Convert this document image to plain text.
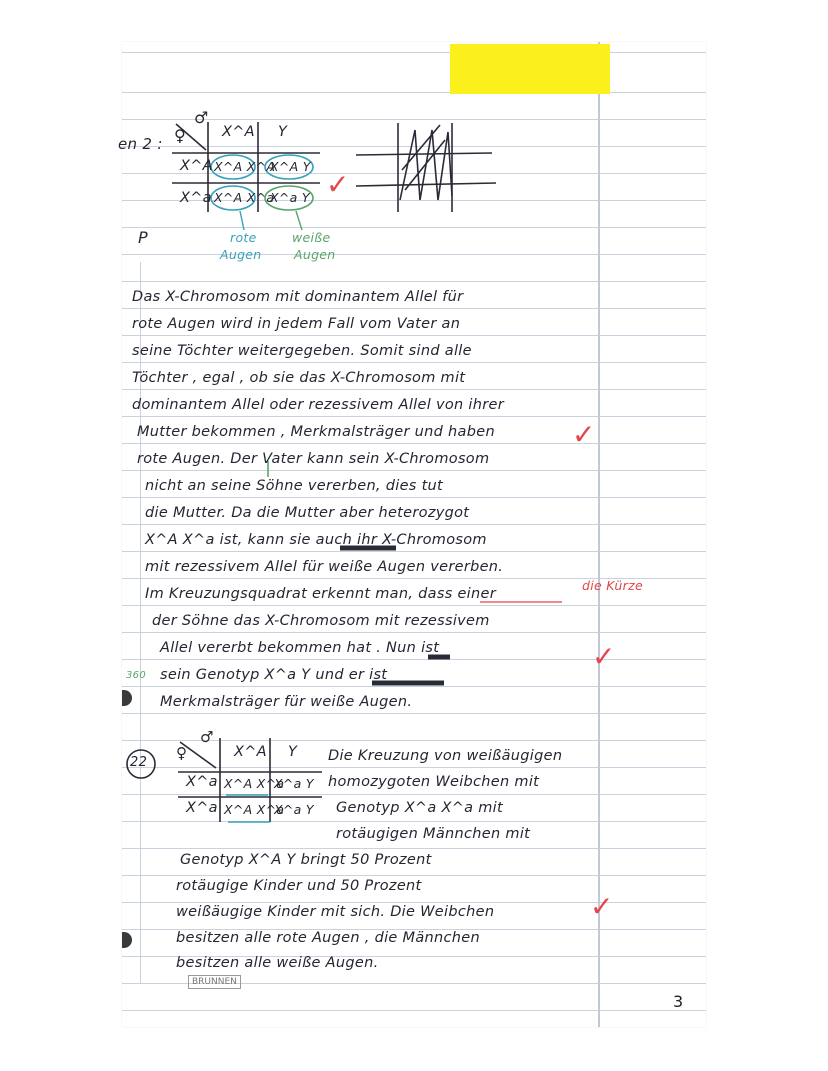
en 2 :
P
♀
♂
X^A Y
X^A
X^a
X^A X^A
X^A Y
X^A X^a
X^a Y
rote
Augen
weiße
Augen
✓
Das X-Chromosom mit dominantem Allel für
rote Augen wird in jedem Fall vom Vater an
seine Töchter weitergegeben. Somit sind alle
Töchter , egal , ob sie das X-Chromosom mit
dominantem Allel oder rezessivem Allel von ihrer
Mutter bekommen , Merkmalsträger und haben
rote Augen. Der Vater kann sein X-Chromosom
nicht an seine Söhne vererben, dies tut
die Mutter. Da die Mutter aber heterozygot
X^A X^a ist, kann sie auch ihr X-Chromosom
mit rezessivem Allel für weiße Augen vererben.
Im Kreuzungsquadrat erkennt man, dass einer
der Söhne das X-Chromosom mit rezessivem
Allel vererbt bekommen hat . Nun ist
sein Genotyp X^a Y und er ist
Merkmalsträger für weiße Augen.
die Kürze
360
✓
✓
22
♀
♂
X^A Y
X^a
X^a
X^A X^a
X^a Y
X^A X^a
X^a Y
Die Kreuzung von weißäugigen
homozygoten Weibchen mit
Genotyp X^a X^a mit
rotäugigen Männchen mit
Genotyp X^A Y bringt 50 Prozent
rotäugige Kinder und 50 Prozent
weißäugige Kinder mit sich. Die Weibchen
besitzen alle rote Augen , die Männchen
besitzen alle weiße Augen.
✓
BRUNNEN
3
